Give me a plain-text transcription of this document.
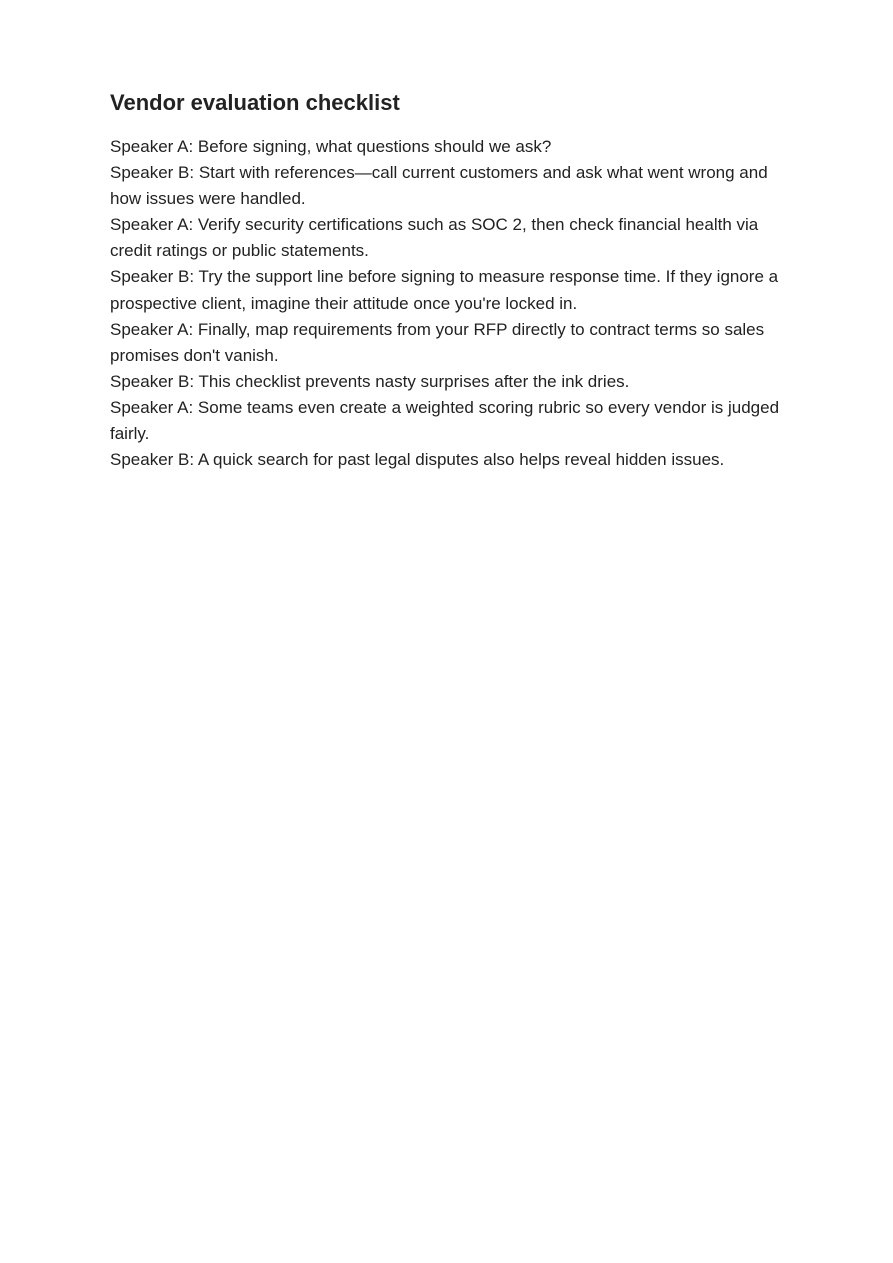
Vendor evaluation checklist

Speaker A : Before signing, what questions should we ask?

Speaker B : Start with references—call current customers and ask what went wrong and how issues were handled.

Speaker A : Verify security certifications such as SOC 2, then check financial health via credit ratings or public statements.

Speaker B : Try the support line before signing to measure response time. If they ignore a prospective client, imagine their attitude once you're locked in.

Speaker A : Finally, map requirements from your RFP directly to contract terms so sales promises don't vanish.

Speaker B : This checklist prevents nasty surprises after the ink dries.

Speaker A : Some teams even create a weighted scoring rubric so every vendor is judged fairly.

Speaker B : A quick search for past legal disputes also helps reveal hidden issues.
